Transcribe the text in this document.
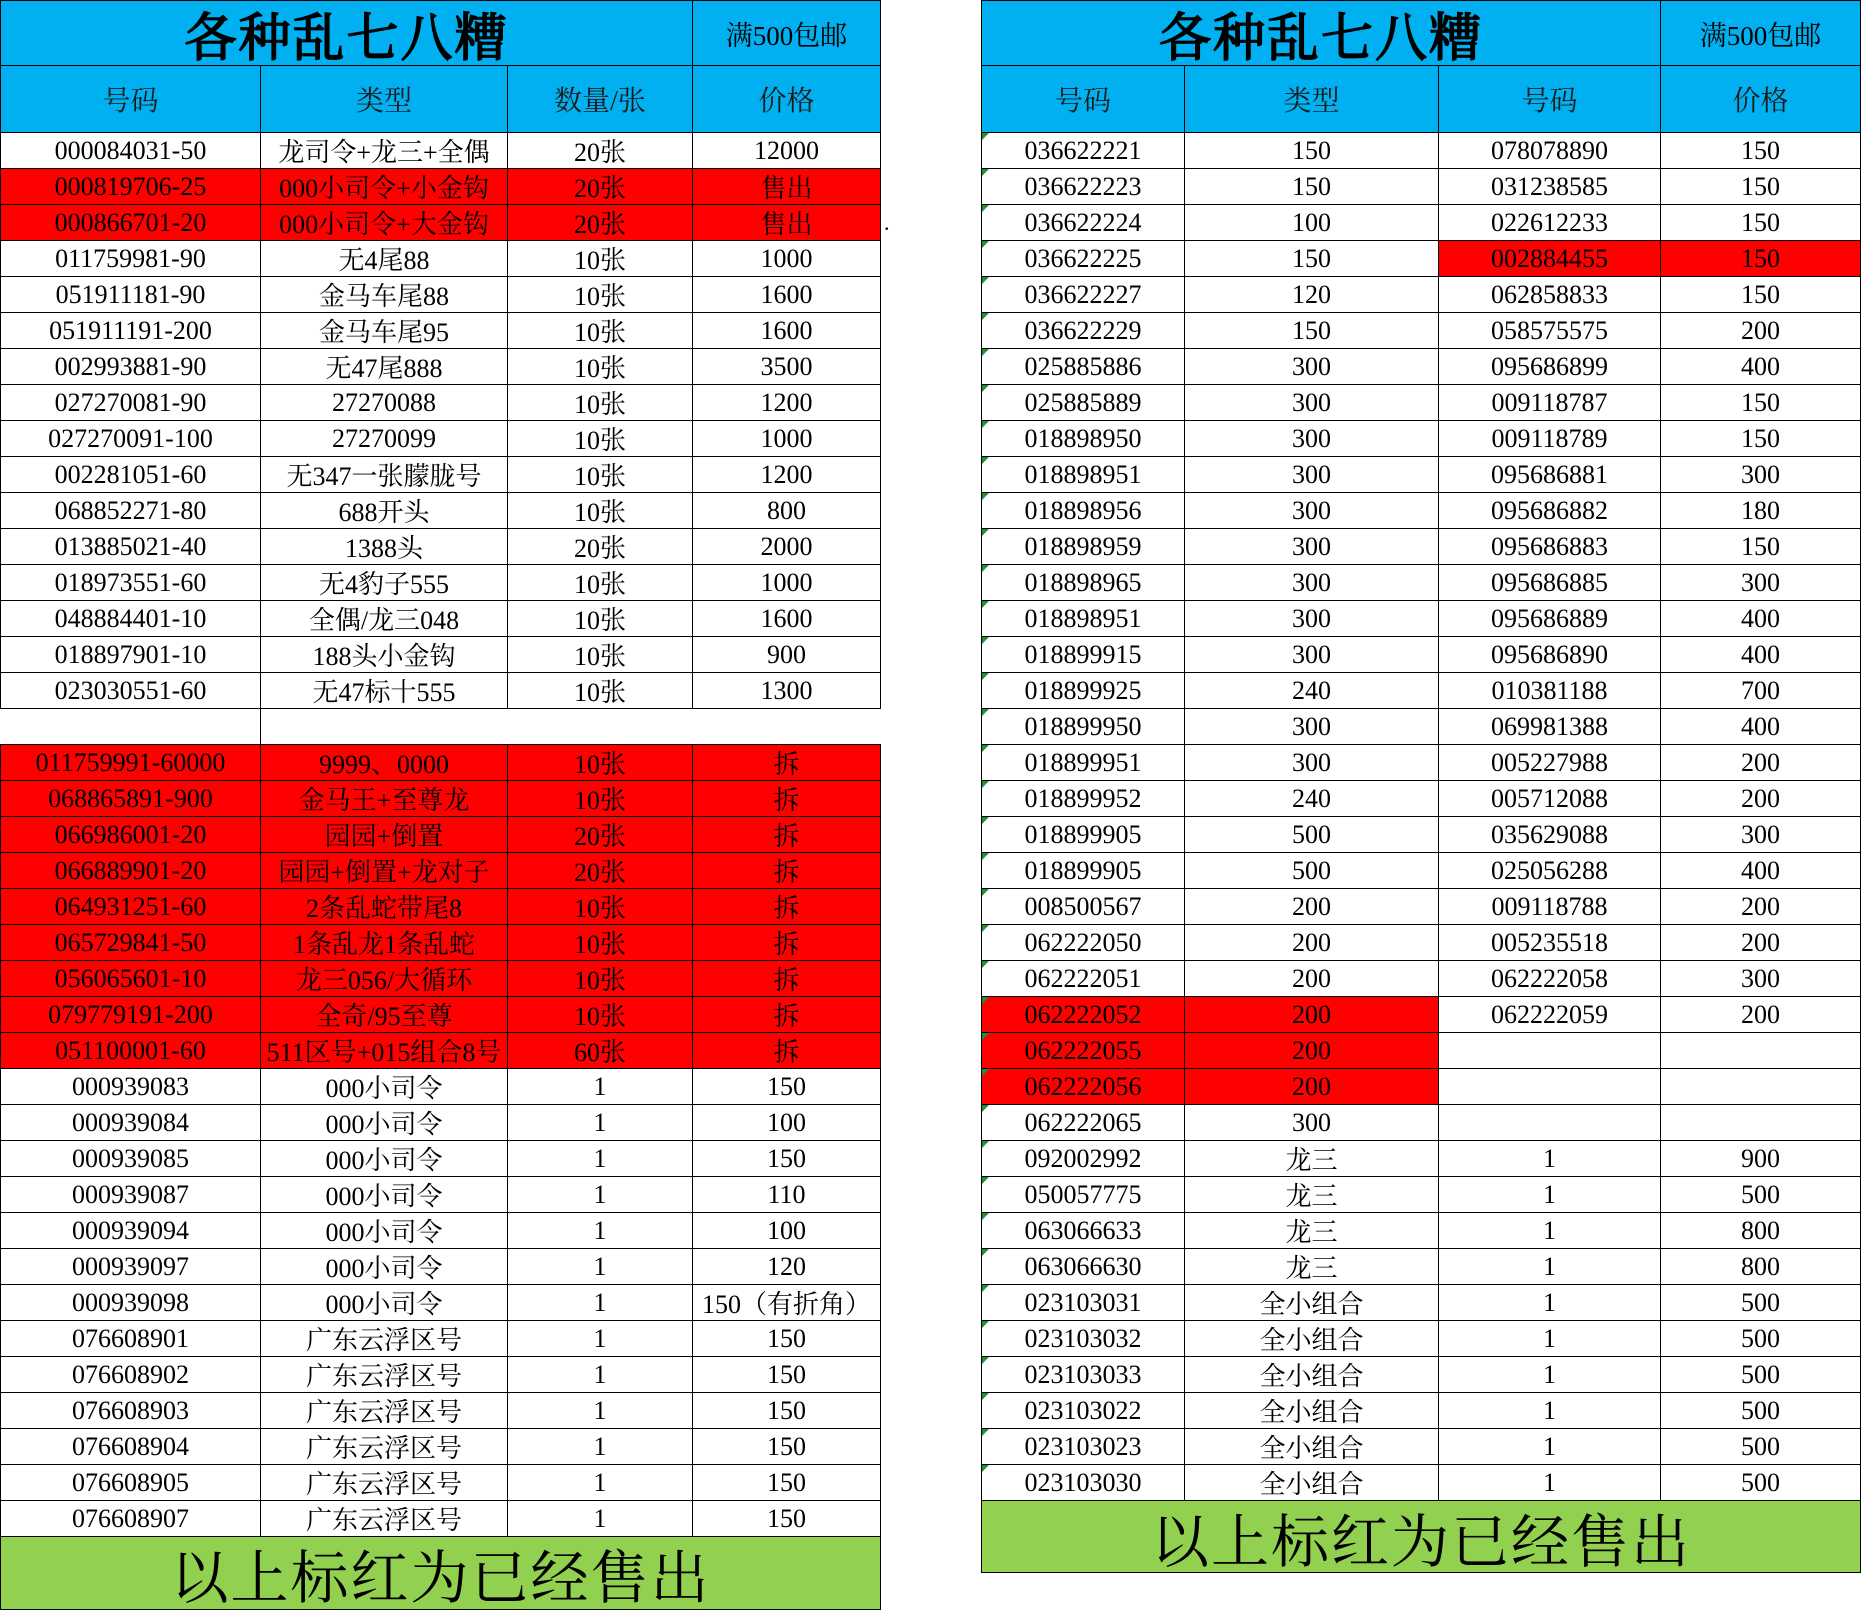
各种乱七八糟	满500包邮
号码	类型	数量/张	价格
000084031-50	龙司令+龙三+全偶	20张	12000
000819706-25	000小司令+小金钩	20张	售出
000866701-20	000小司令+大金钩	20张	售出
011759981-90	无4尾88	10张	1000
051911181-90	金马车尾88	10张	1600
051911191-200	金马车尾95	10张	1600
002993881-90	无47尾888	10张	3500
027270081-90	27270088	10张	1200
027270091-100	27270099	10张	1000
002281051-60	无347一张朦胧号	10张	1200
068852271-80	688开头	10张	800
013885021-40	1388头	20张	2000
018973551-60	无4豹子555	10张	1000
048884401-10	全偶/龙三048	10张	1600
018897901-10	188头小金钩	10张	900
023030551-60	无47标十555	10张	1300
011759991-60000	9999、0000	10张	拆
068865891-900	金马王+至尊龙	10张	拆
066986001-20	园园+倒置	20张	拆
066889901-20	园园+倒置+龙对子	20张	拆
064931251-60	2条乱蛇带尾8	10张	拆
065729841-50	1条乱龙1条乱蛇	10张	拆
056065601-10	龙三056/大循环	10张	拆
079779191-200	全奇/95至尊	10张	拆
051100001-60	511区号+015组合8号	60张	拆
000939083	000小司令	1	150
000939084	000小司令	1	100
000939085	000小司令	1	150
000939087	000小司令	1	110
000939094	000小司令	1	100
000939097	000小司令	1	120
000939098	000小司令	1	150（有折角）
076608901	广东云浮区号	1	150
076608902	广东云浮区号	1	150
076608903	广东云浮区号	1	150
076608904	广东云浮区号	1	150
076608905	广东云浮区号	1	150
076608907	广东云浮区号	1	150
以上标红为已经售出
.
各种乱七八糟	满500包邮
号码	类型	号码	价格
036622221	150	078078890	150
036622223	150	031238585	150
036622224	100	022612233	150
036622225	150	002884455	150
036622227	120	062858833	150
036622229	150	058575575	200
025885886	300	095686899	400
025885889	300	009118787	150
018898950	300	009118789	150
018898951	300	095686881	300
018898956	300	095686882	180
018898959	300	095686883	150
018898965	300	095686885	300
018898951	300	095686889	400
018899915	300	095686890	400
018899925	240	010381188	700
018899950	300	069981388	400
018899951	300	005227988	200
018899952	240	005712088	200
018899905	500	035629088	300
018899905	500	025056288	400
008500567	200	009118788	200
062222050	200	005235518	200
062222051	200	062222058	300
062222052	200	062222059	200
062222055	200
062222056	200
062222065	300
092002992	龙三	1	900
050057775	龙三	1	500
063066633	龙三	1	800
063066630	龙三	1	800
023103031	全小组合	1	500
023103032	全小组合	1	500
023103033	全小组合	1	500
023103022	全小组合	1	500
023103023	全小组合	1	500
023103030	全小组合	1	500
以上标红为已经售出
